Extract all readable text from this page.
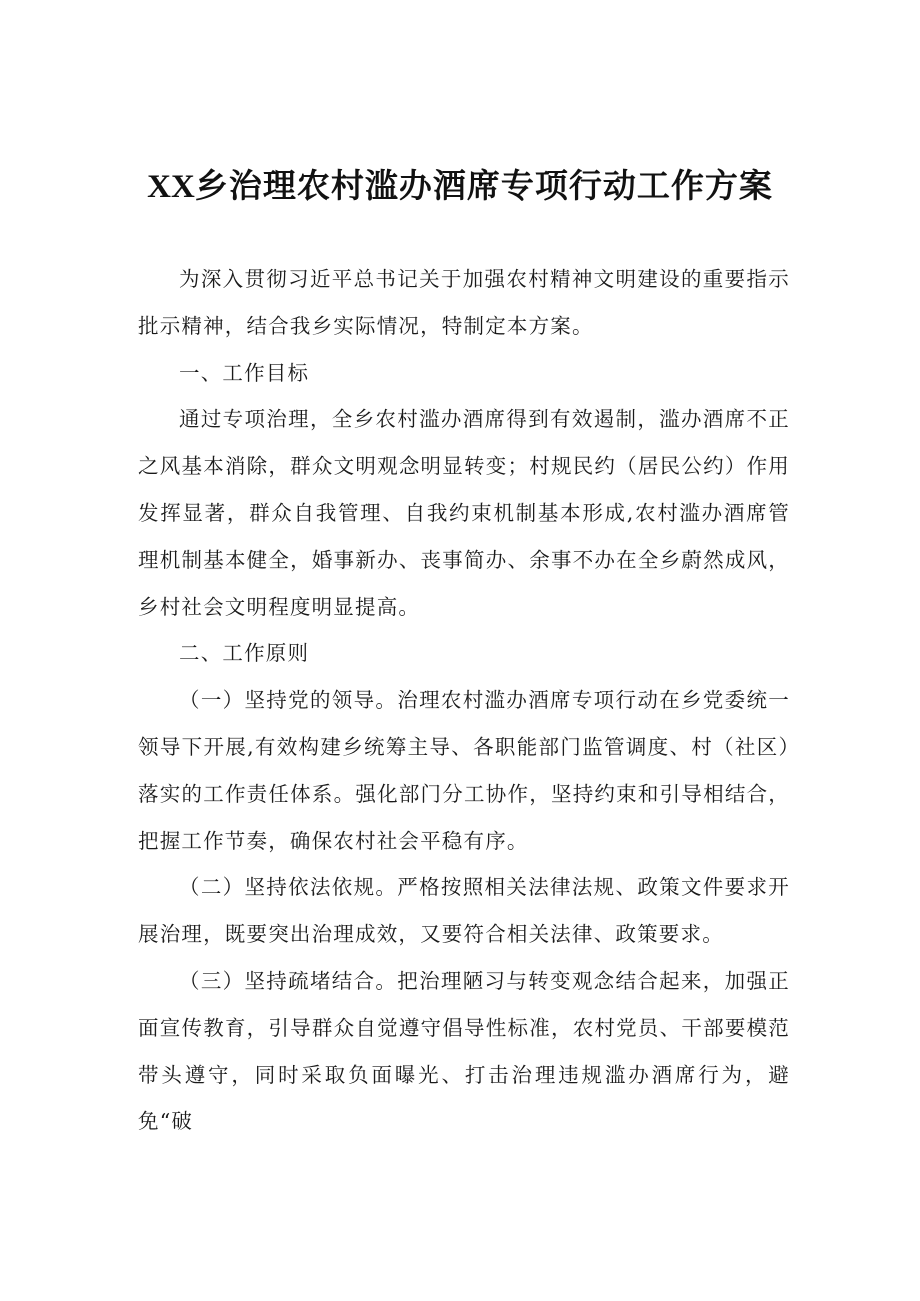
XX乡治理农村滥办酒席专项行动工作方案

为深入贯彻习近平总书记关于加强农村精神文明建设的重要指示批示精神，结合我乡实际情况，特制定本方案。

一、工作目标

通过专项治理，全乡农村滥办酒席得到有效遏制，滥办酒席不正之风基本消除，群众文明观念明显转变；村规民约（居民公约）作用发挥显著，群众自我管理、自我约束机制基本形成,农村滥办酒席管理机制基本健全，婚事新办、丧事简办、余事不办在全乡蔚然成风，乡村社会文明程度明显提高。

二、工作原则

（一）坚持党的领导。治理农村滥办酒席专项行动在乡党委统一领导下开展,有效构建乡统筹主导、各职能部门监管调度、村（社区）落实的工作责任体系。强化部门分工协作，坚持约束和引导相结合，把握工作节奏，确保农村社会平稳有序。

（二）坚持依法依规。严格按照相关法律法规、政策文件要求开展治理，既要突出治理成效，又要符合相关法律、政策要求。

（三）坚持疏堵结合。把治理陋习与转变观念结合起来，加强正面宣传教育，引导群众自觉遵守倡导性标准，农村党员、干部要模范带头遵守，同时采取负面曝光、打击治理违规滥办酒席行为，避免“破
